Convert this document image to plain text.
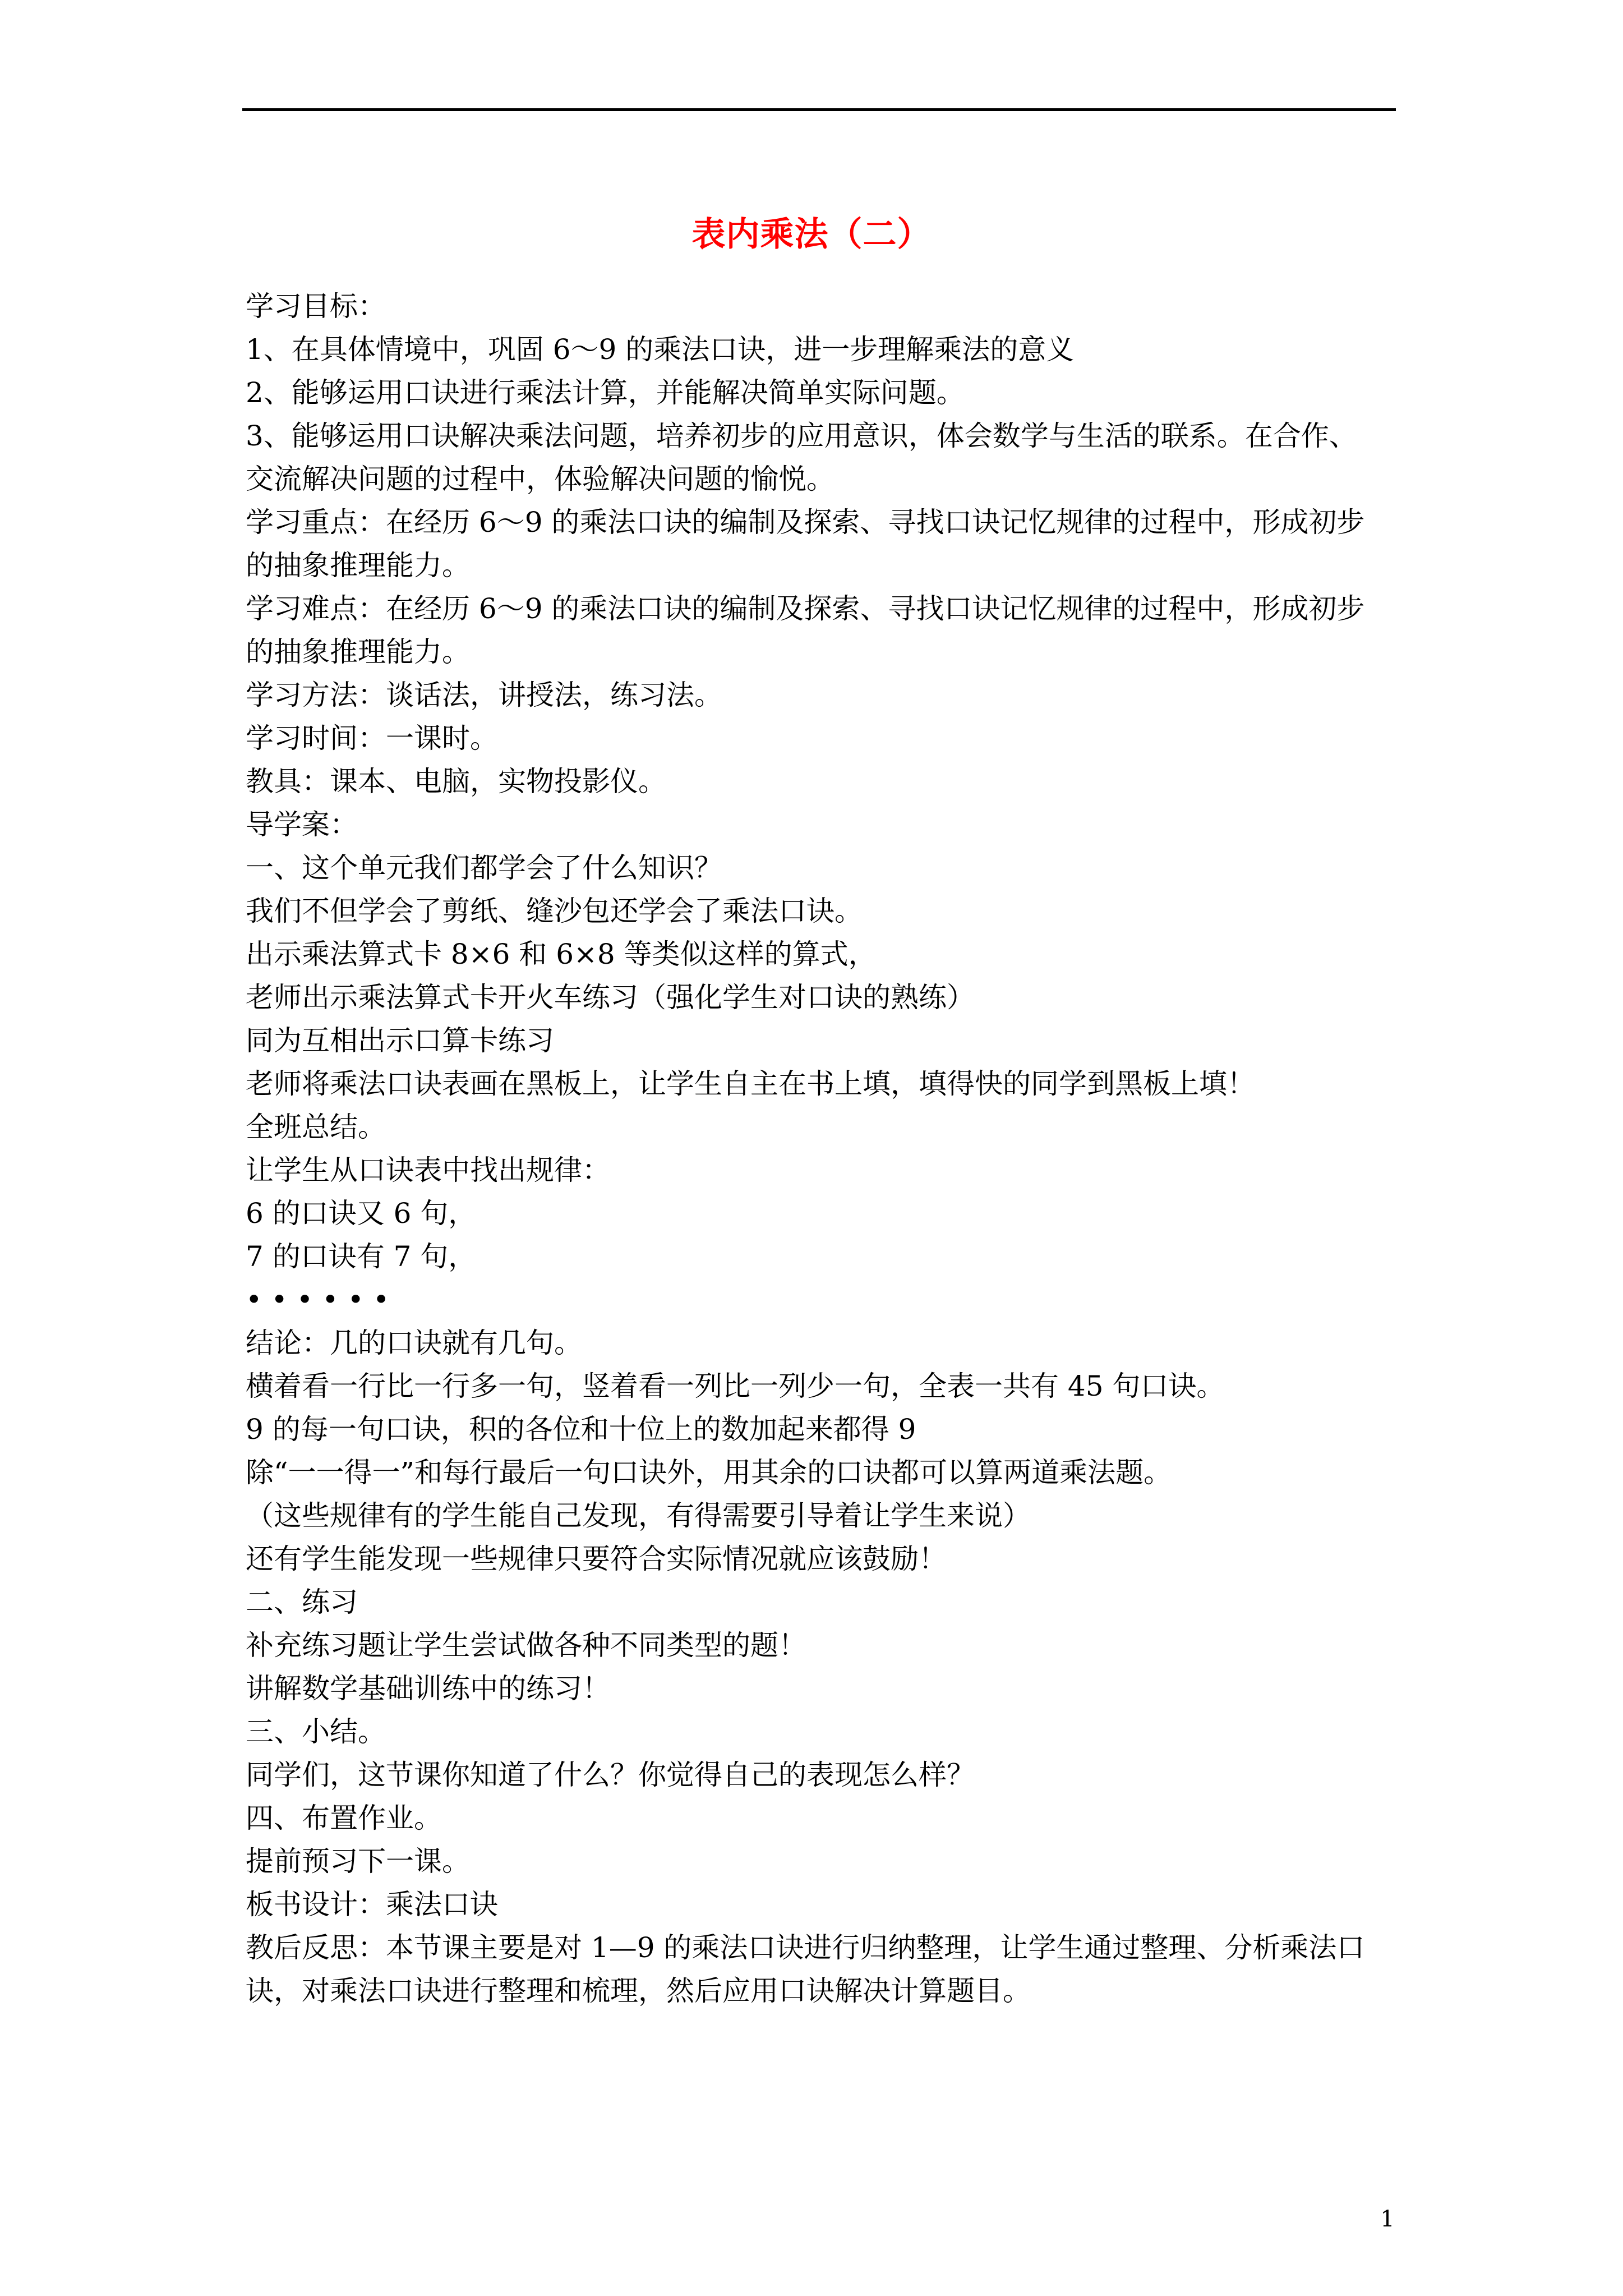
表内乘法（二）
学习目标：
1、在具体情境中，巩固 6～9 的乘法口诀，进一步理解乘法的意义
2、能够运用口诀进行乘法计算，并能解决简单实际问题。
3、能够运用口诀解决乘法问题，培养初步的应用意识，体会数学与生活的联系。在合作、
交流解决问题的过程中，体验解决问题的愉悦。
学习重点：在经历 6～9 的乘法口诀的编制及探索、寻找口诀记忆规律的过程中，形成初步
的抽象推理能力。
学习难点：在经历 6～9 的乘法口诀的编制及探索、寻找口诀记忆规律的过程中，形成初步
的抽象推理能力。
学习方法：谈话法，讲授法，练习法。
学习时间：一课时。
教具：课本、电脑，实物投影仪。
导学案：
一、这个单元我们都学会了什么知识？
我们不但学会了剪纸、缝沙包还学会了乘法口诀。
出示乘法算式卡 8×6 和 6×8 等类似这样的算式，
老师出示乘法算式卡开火车练习（强化学生对口诀的熟练）
同为互相出示口算卡练习
老师将乘法口诀表画在黑板上，让学生自主在书上填，填得快的同学到黑板上填！
全班总结。
让学生从口诀表中找出规律：
6 的口诀又 6 句，
7 的口诀有 7 句，
• • • • • •
结论：几的口诀就有几句。
横着看一行比一行多一句，竖着看一列比一列少一句，全表一共有 45 句口诀。
9 的每一句口诀，积的各位和十位上的数加起来都得 9
除“一一得一”和每行最后一句口诀外，用其余的口诀都可以算两道乘法题。
（这些规律有的学生能自己发现，有得需要引导着让学生来说）
还有学生能发现一些规律只要符合实际情况就应该鼓励！
二、练习
补充练习题让学生尝试做各种不同类型的题！
讲解数学基础训练中的练习！
三、小结。
同学们，这节课你知道了什么？你觉得自己的表现怎么样？
四、布置作业。
提前预习下一课。
板书设计：乘法口诀
教后反思：本节课主要是对 1—9 的乘法口诀进行归纳整理，让学生通过整理、分析乘法口
诀，对乘法口诀进行整理和梳理，然后应用口诀解决计算题目。
1
